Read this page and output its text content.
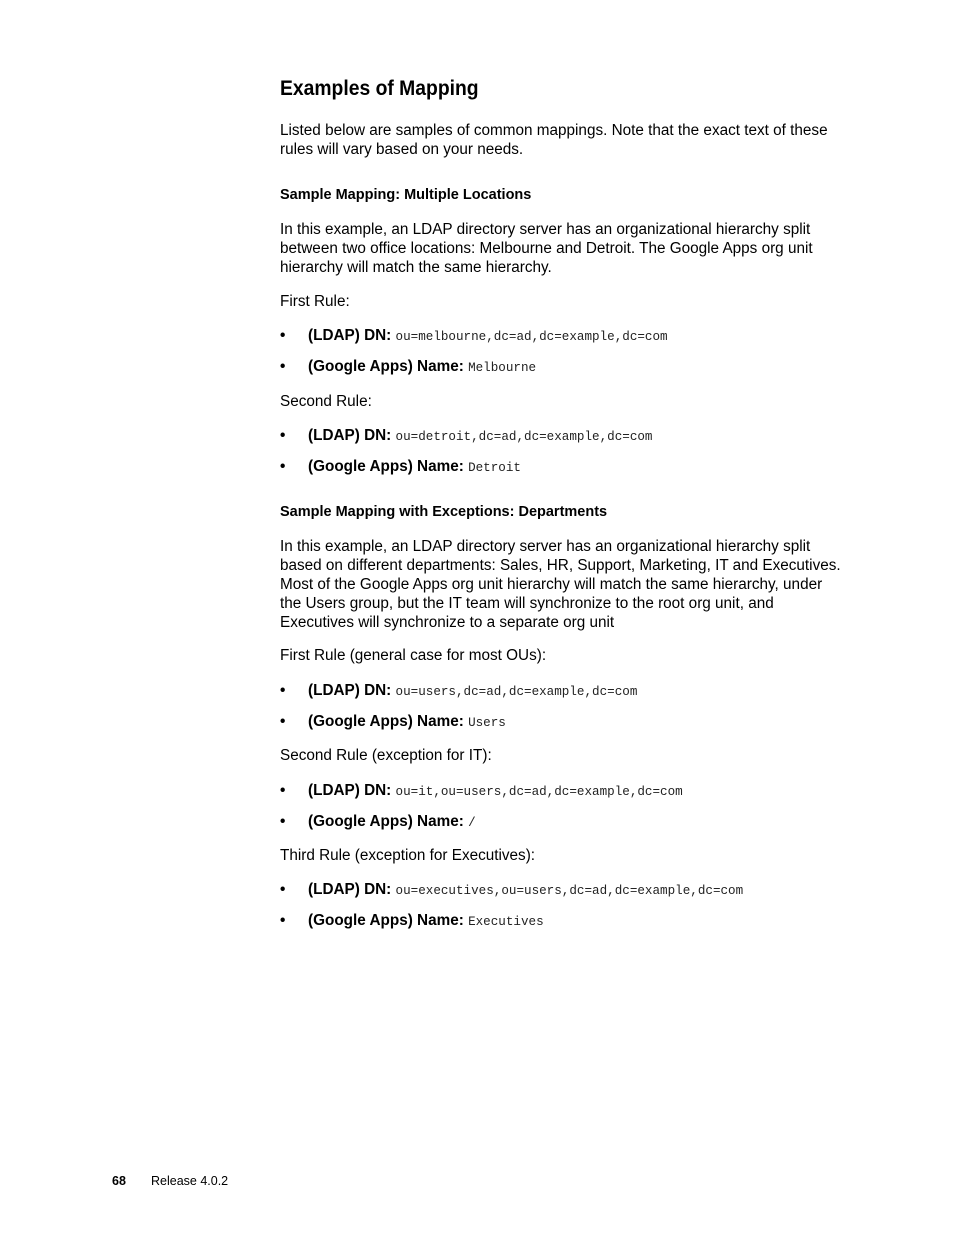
Examples of Mapping

Listed below are samples of common mappings. Note that the exact text of these rules will vary based on your needs.

Sample Mapping: Multiple Locations

In this example, an LDAP directory server has an organizational hierarchy split between two office locations: Melbourne and Detroit. The Google Apps org unit hierarchy will match the same hierarchy.

First Rule:

• (LDAP) DN: ou=melbourne,dc=ad,dc=example,dc=com
• (Google Apps) Name: Melbourne

Second Rule:

• (LDAP) DN: ou=detroit,dc=ad,dc=example,dc=com
• (Google Apps) Name: Detroit
Sample Mapping with Exceptions: Departments

In this example, an LDAP directory server has an organizational hierarchy split based on different departments: Sales, HR, Support, Marketing, IT and Executives. Most of the Google Apps org unit hierarchy will match the same hierarchy, under the Users group, but the IT team will synchronize to the root org unit, and Executives will synchronize to a separate org unit

First Rule (general case for most OUs):

• (LDAP) DN: ou=users,dc=ad,dc=example,dc=com
• (Google Apps) Name: Users

Second Rule (exception for IT):

• (LDAP) DN: ou=it,ou=users,dc=ad,dc=example,dc=com
• (Google Apps) Name: /

Third Rule (exception for Executives):

• (LDAP) DN: ou=executives,ou=users,dc=ad,dc=example,dc=com
• (Google Apps) Name: Executives
68 Release 4.0.2
